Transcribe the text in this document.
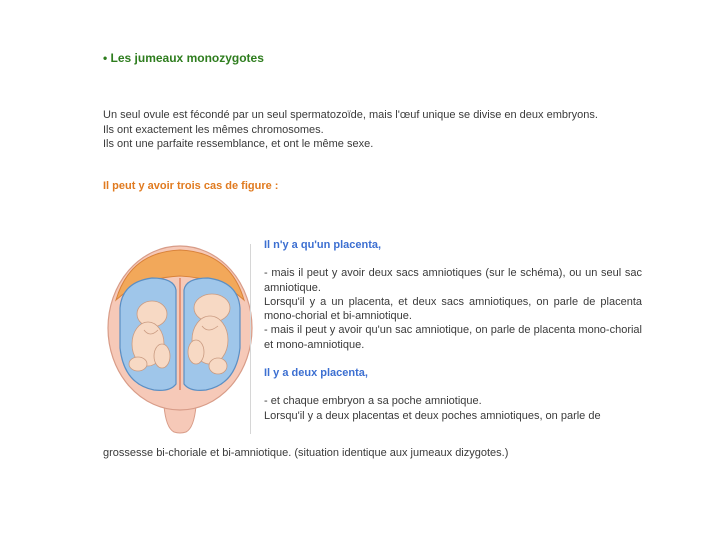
• Les jumeaux monozygotes
Un seul ovule est fécondé par un seul spermatozoïde, mais l'œuf unique se divise en deux embryons.
Ils ont exactement les mêmes chromosomes.
Ils ont une parfaite ressemblance, et ont le même sexe.
Il peut y avoir trois cas de figure :
Il n'y a qu'un placenta,
- mais il peut y avoir deux sacs amniotiques (sur le schéma), ou un seul sac amniotique.
Lorsqu'il y a un placenta, et deux sacs amniotiques, on parle de placenta mono-chorial et bi-amniotique.
- mais il peut y avoir qu'un sac amniotique, on parle de placenta mono-chorial et mono-amniotique.
Il y a deux placenta,
- et chaque embryon a sa poche amniotique.
Lorsqu'il y a deux placentas et deux poches amniotiques, on parle de
grossesse bi-choriale et bi-amniotique. (situation identique aux jumeaux dizygotes.)
